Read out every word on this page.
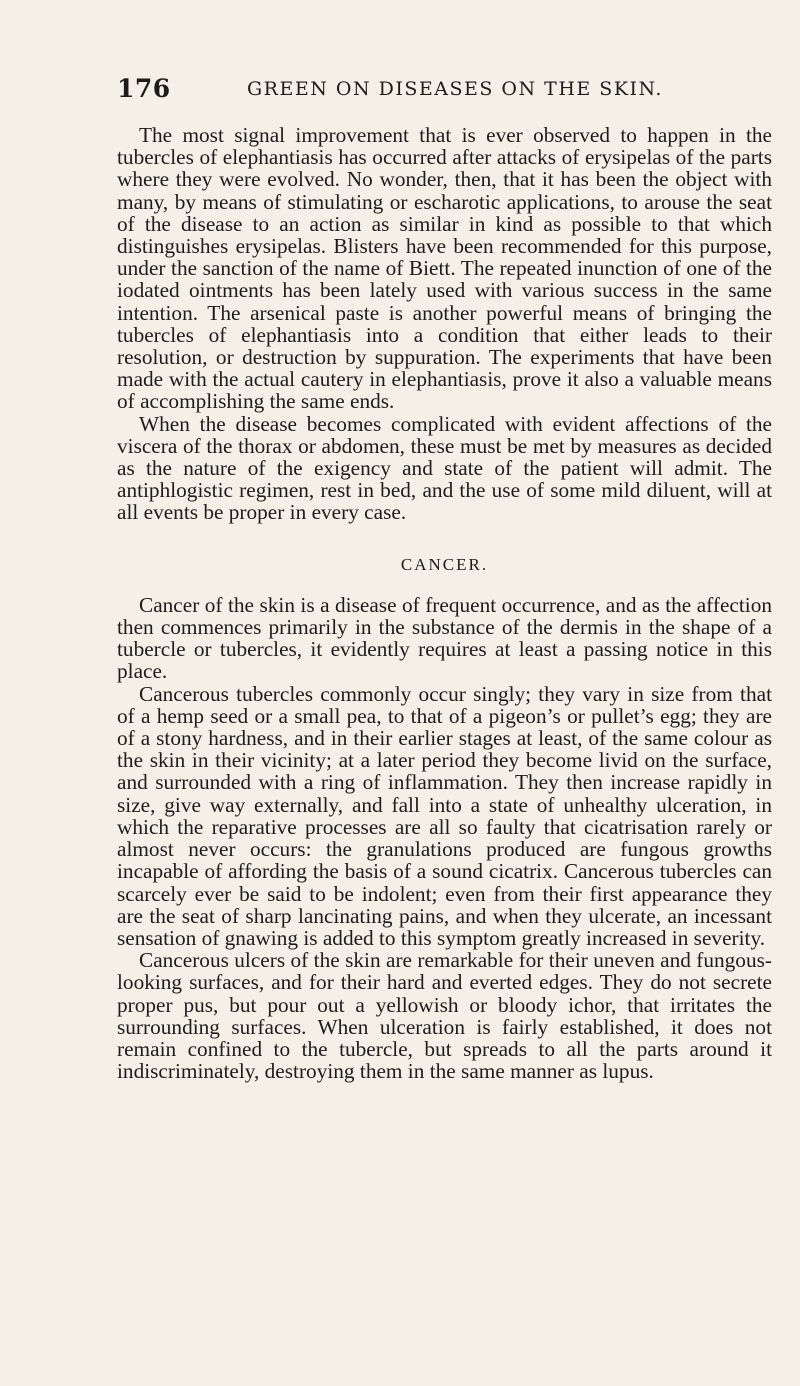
176	GREEN ON DISEASES ON THE SKIN.

The most signal improvement that is ever observed to happen in the tubercles of elephantiasis has occurred after attacks of erysipelas of the parts where they were evolved. No wonder, then, that it has been the object with many, by means of stimulating or escharotic applications, to arouse the seat of the disease to an action as similar in kind as possible to that which distinguishes erysipelas. Blisters have been recommended for this purpose, under the sanction of the name of Biett. The repeated inunction of one of the iodated ointments has been lately used with various success in the same intention. The arsenical paste is another powerful means of bringing the tubercles of elephantiasis into a condition that either leads to their resolution, or destruction by suppuration. The experiments that have been made with the actual cautery in elephantiasis, prove it also a valuable means of accomplishing the same ends.

When the disease becomes complicated with evident affections of the viscera of the thorax or abdomen, these must be met by measures as decided as the nature of the exigency and state of the patient will admit. The antiphlogistic regimen, rest in bed, and the use of some mild diluent, will at all events be proper in every case.

CANCER.

Cancer of the skin is a disease of frequent occurrence, and as the affection then commences primarily in the substance of the dermis in the shape of a tubercle or tubercles, it evidently requires at least a passing notice in this place.

Cancerous tubercles commonly occur singly; they vary in size from that of a hemp seed or a small pea, to that of a pigeon’s or pullet’s egg; they are of a stony hardness, and in their earlier stages at least, of the same colour as the skin in their vicinity; at a later period they become livid on the surface, and surrounded with a ring of inflammation. They then increase rapidly in size, give way externally, and fall into a state of unhealthy ulceration, in which the reparative processes are all so faulty that cicatrisation rarely or almost never occurs: the granulations produced are fungous growths incapable of affording the basis of a sound cicatrix. Cancerous tubercles can scarcely ever be said to be indolent; even from their first appearance they are the seat of sharp lancinating pains, and when they ulcerate, an incessant sensation of gnawing is added to this symptom greatly increased in severity.

Cancerous ulcers of the skin are remarkable for their uneven and fungous-looking surfaces, and for their hard and everted edges. They do not secrete proper pus, but pour out a yellowish or bloody ichor, that irritates the surrounding surfaces. When ulceration is fairly established, it does not remain confined to the tubercle, but spreads to all the parts around it indiscriminately, destroying them in the same manner as lupus.
